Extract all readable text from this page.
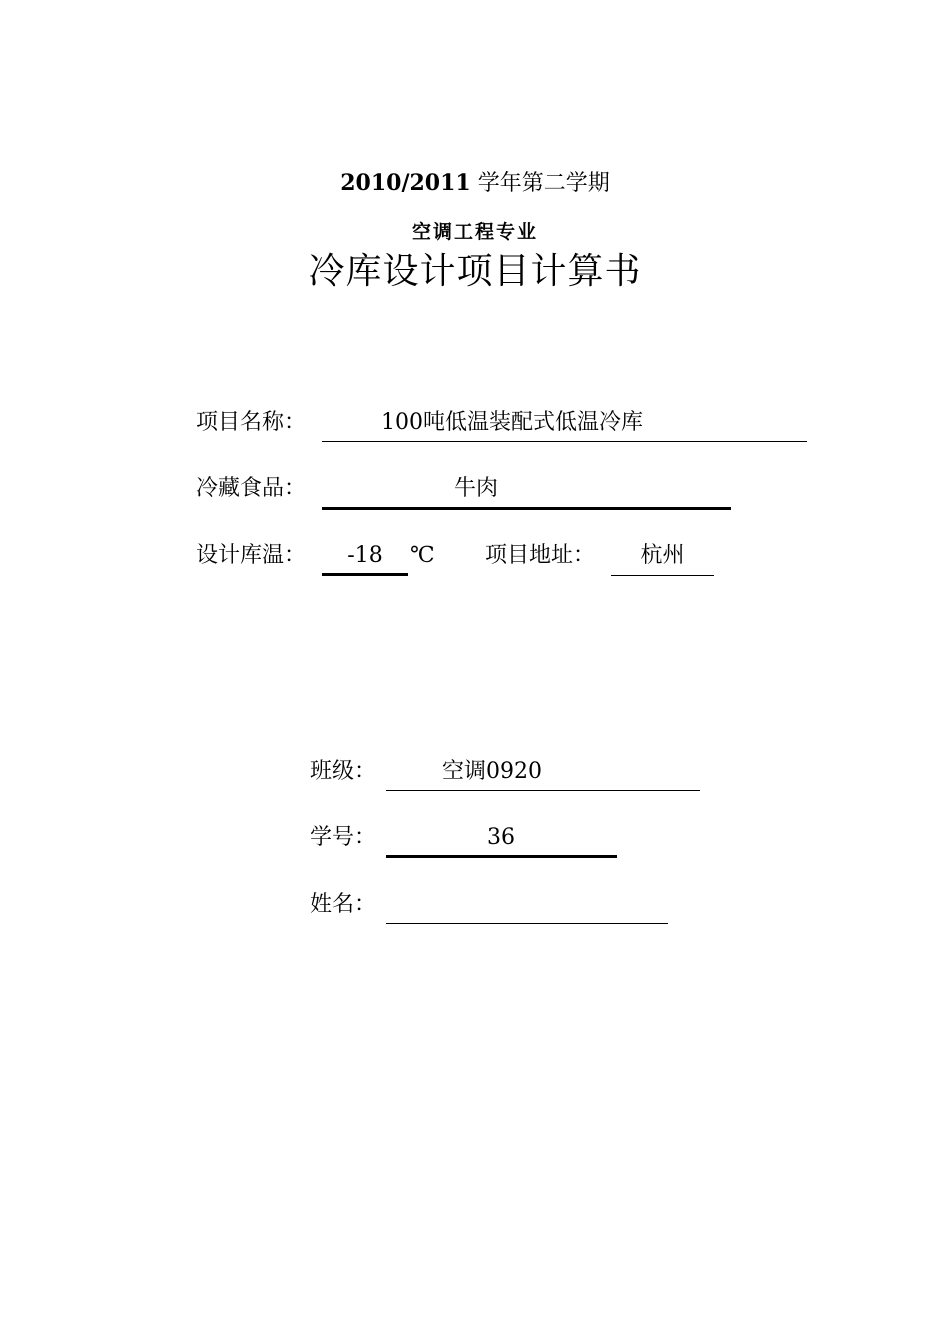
2010/2011 学年第二学期
空调工程专业
冷库设计项目计算书
项目名称：	100吨低温装配式低温冷库
冷藏食品：	牛肉
设计库温：	-18	℃ 项目地址：	杭州
班级：	空调0920
学号：	36
姓名：
